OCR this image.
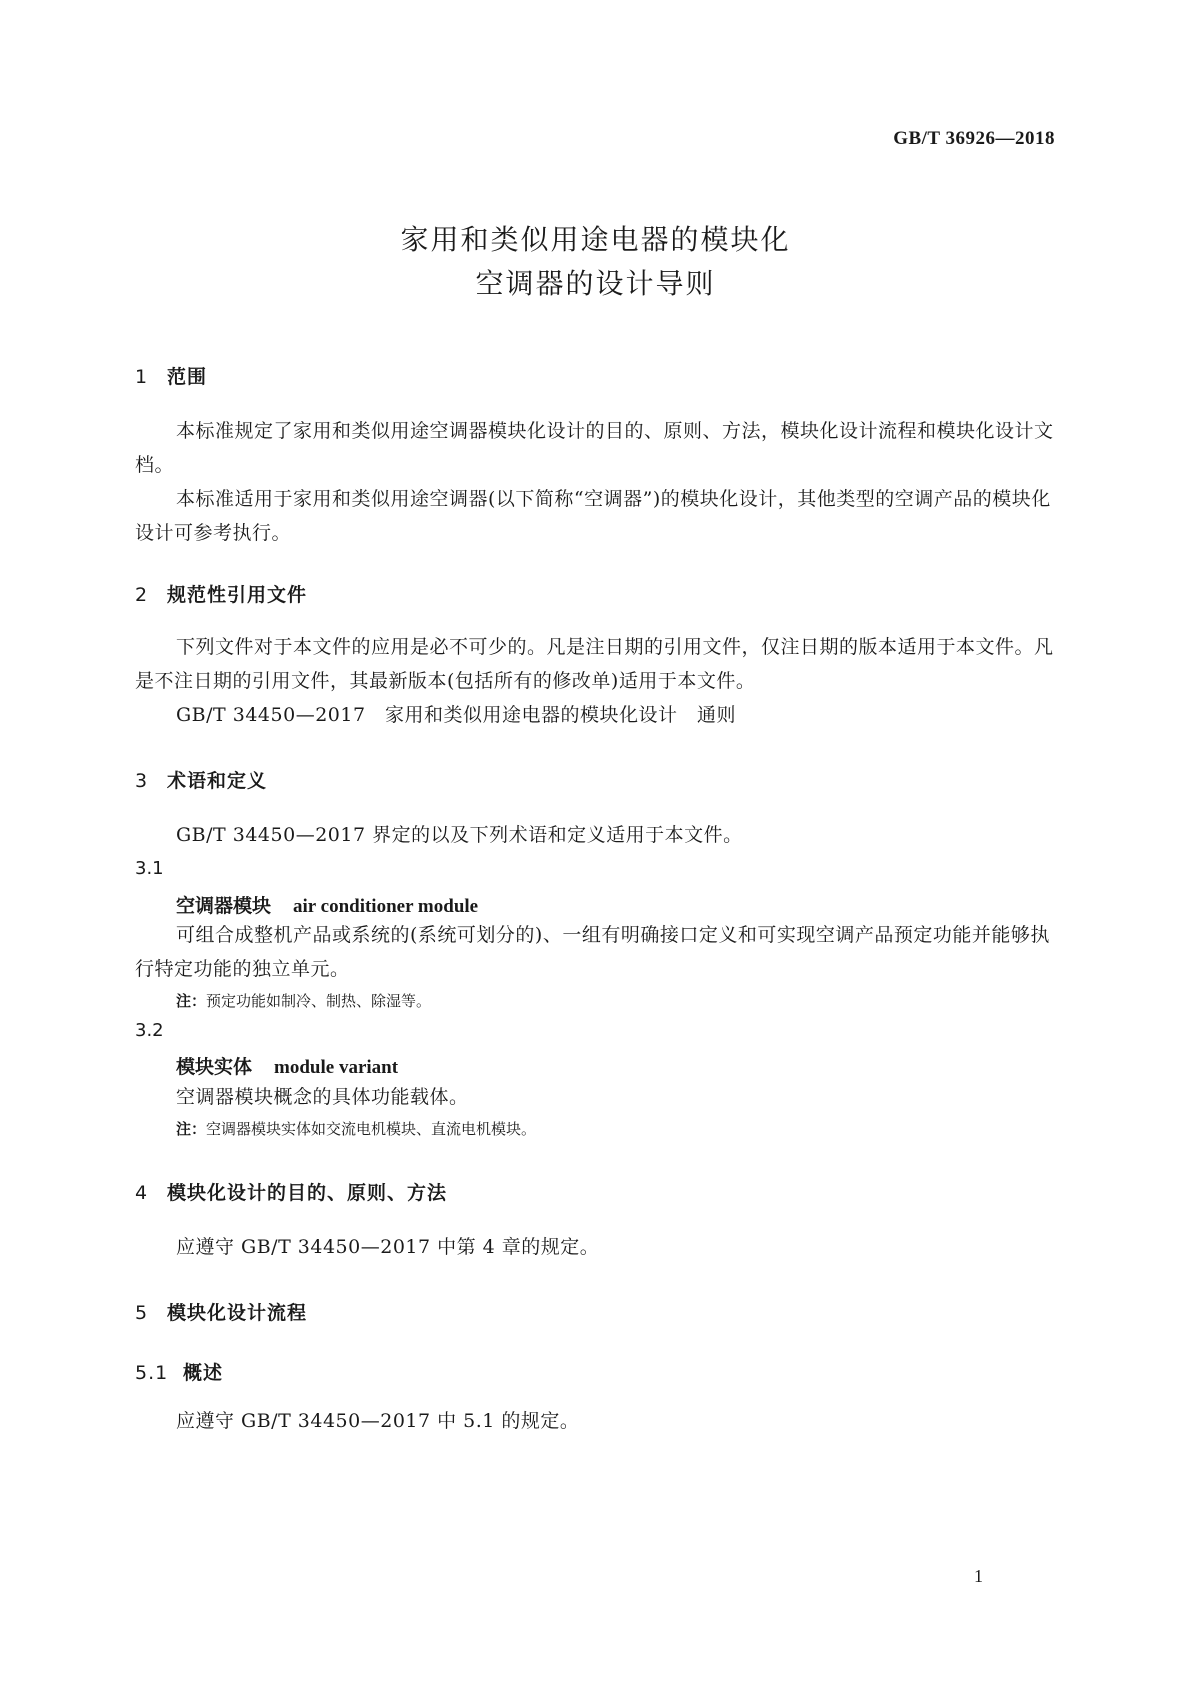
GB/T 36926—2018
家用和类似用途电器的模块化
空调器的设计导则
1 范围
本标准规定了家用和类似用途空调器模块化设计的目的、原则、方法，模块化设计流程和模块化设计文档。
本标准适用于家用和类似用途空调器(以下简称“空调器”)的模块化设计，其他类型的空调产品的模块化设计可参考执行。
2 规范性引用文件
下列文件对于本文件的应用是必不可少的。凡是注日期的引用文件，仅注日期的版本适用于本文件。凡是不注日期的引用文件，其最新版本(包括所有的修改单)适用于本文件。
GB/T 34450—2017　家用和类似用途电器的模块化设计　通则
3 术语和定义
GB/T 34450—2017 界定的以及下列术语和定义适用于本文件。
3.1
空调器模块 air conditioner module
可组合成整机产品或系统的(系统可划分的)、一组有明确接口定义和可实现空调产品预定功能并能够执行特定功能的独立单元。
注：预定功能如制冷、制热、除湿等。
3.2
模块实体 module variant
空调器模块概念的具体功能载体。
注：空调器模块实体如交流电机模块、直流电机模块。
4 模块化设计的目的、原则、方法
应遵守 GB/T 34450—2017 中第 4 章的规定。
5 模块化设计流程
5.1 概述
应遵守 GB/T 34450—2017 中 5.1 的规定。
1
